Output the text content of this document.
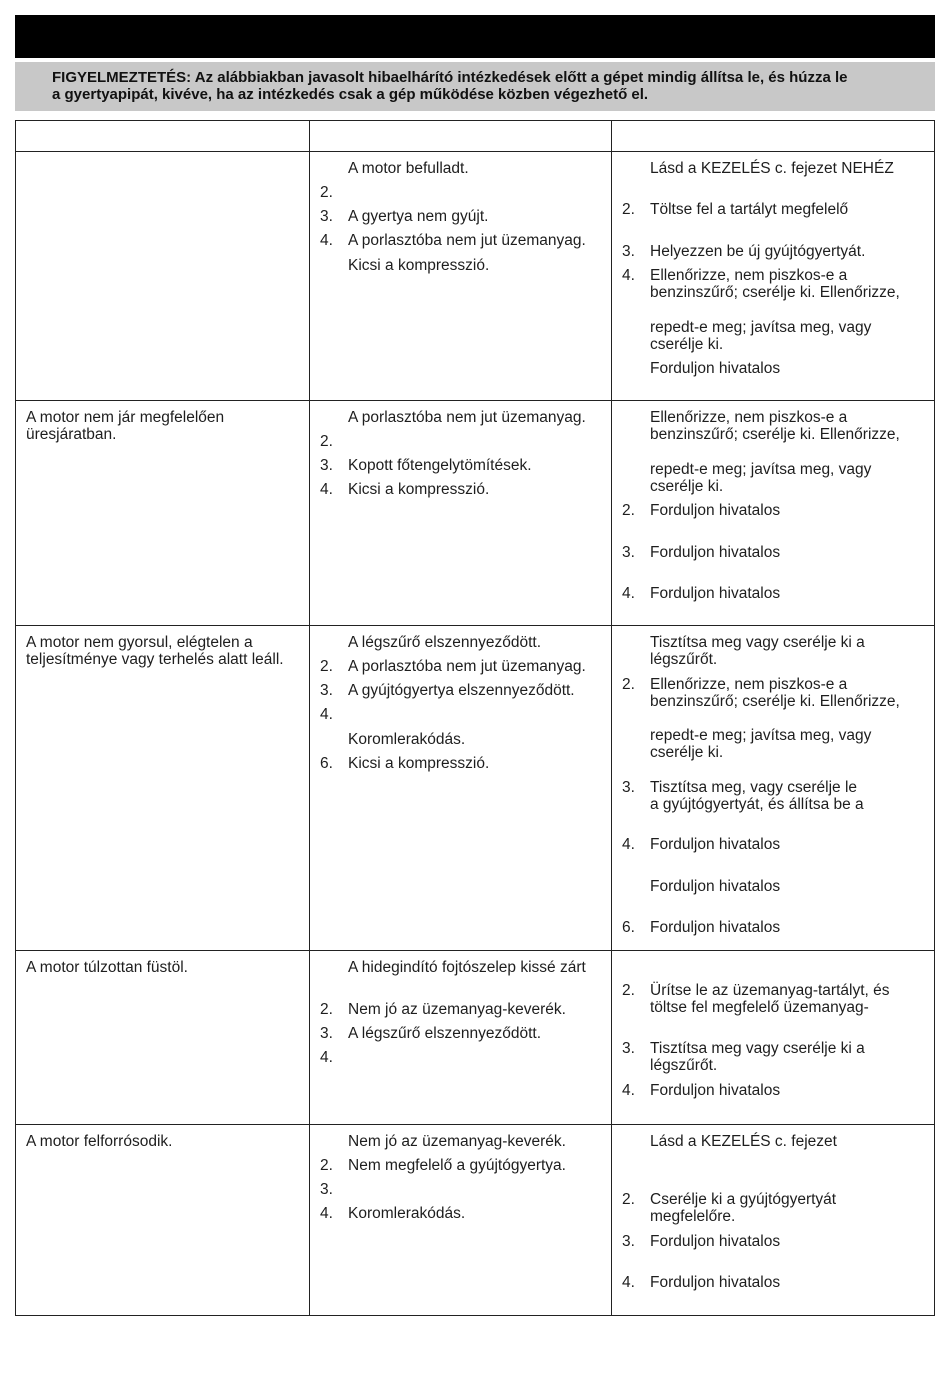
FIGYELMEZTETÉS: Az alábbiakban javasolt hibaelhárító intézkedések előtt a gépet mindig állítsa le, és húzza le
a gyertyapipát, kivéve, ha az intézkedés csak a gép működése közben végezhető el.
A motor befulladt.
2.

3. A gyertya nem gyújt.
4. A porlasztóba nem jut üzemanyag.
Kicsi a kompresszió.
Lásd a KEZELÉS c. fejezet NEHÉZ
2. Töltse fel a tartályt megfelelő
3. Helyezzen be új gyújtógyertyát.
4. Ellenőrizze, nem piszkos-e a
benzinszűrő; cserélje ki. Ellenőrizze,
repedt-e meg; javítsa meg, vagy
cserélje ki.
Forduljon hivatalos
A motor nem jár megfelelően
üresjáratban.
A porlasztóba nem jut üzemanyag.
2.

3. Kopott főtengelytömítések.
4. Kicsi a kompresszió.
Ellenőrizze, nem piszkos-e a
benzinszűrő; cserélje ki. Ellenőrizze,
repedt-e meg; javítsa meg, vagy
cserélje ki.
2. Forduljon hivatalos
3. Forduljon hivatalos
4. Forduljon hivatalos
A motor nem gyorsul, elégtelen a
teljesítménye vagy terhelés alatt leáll.
A légszűrő elszennyeződött.
2. A porlasztóba nem jut üzemanyag.
3. A gyújtógyertya elszennyeződött.
4.

Koromlerakódás.
6. Kicsi a kompresszió.
Tisztítsa meg vagy cserélje ki a
légszűrőt.
2. Ellenőrizze, nem piszkos-e a
benzinszűrő; cserélje ki. Ellenőrizze,
repedt-e meg; javítsa meg, vagy
cserélje ki.
3. Tisztítsa meg, vagy cserélje le
a gyújtógyertyát, és állítsa be a
4. Forduljon hivatalos
Forduljon hivatalos
6. Forduljon hivatalos
A motor túlzottan füstöl.	A hidegindító fojtószelep kissé zárt
2. Nem jó az üzemanyag-keverék.
3. A légszűrő elszennyeződött.
4.

2. Ürítse le az üzemanyag-tartályt, és
töltse fel megfelelő üzemanyag-
3. Tisztítsa meg vagy cserélje ki a
légszűrőt.
4. Forduljon hivatalos
A motor felforrósodik.	Nem jó az üzemanyag-keverék.
2. Nem megfelelő a gyújtógyertya.
3.

4. Koromlerakódás.
Lásd a KEZELÉS c. fejezet
2. Cserélje ki a gyújtógyertyát
megfelelőre.
3. Forduljon hivatalos
4. Forduljon hivatalos
